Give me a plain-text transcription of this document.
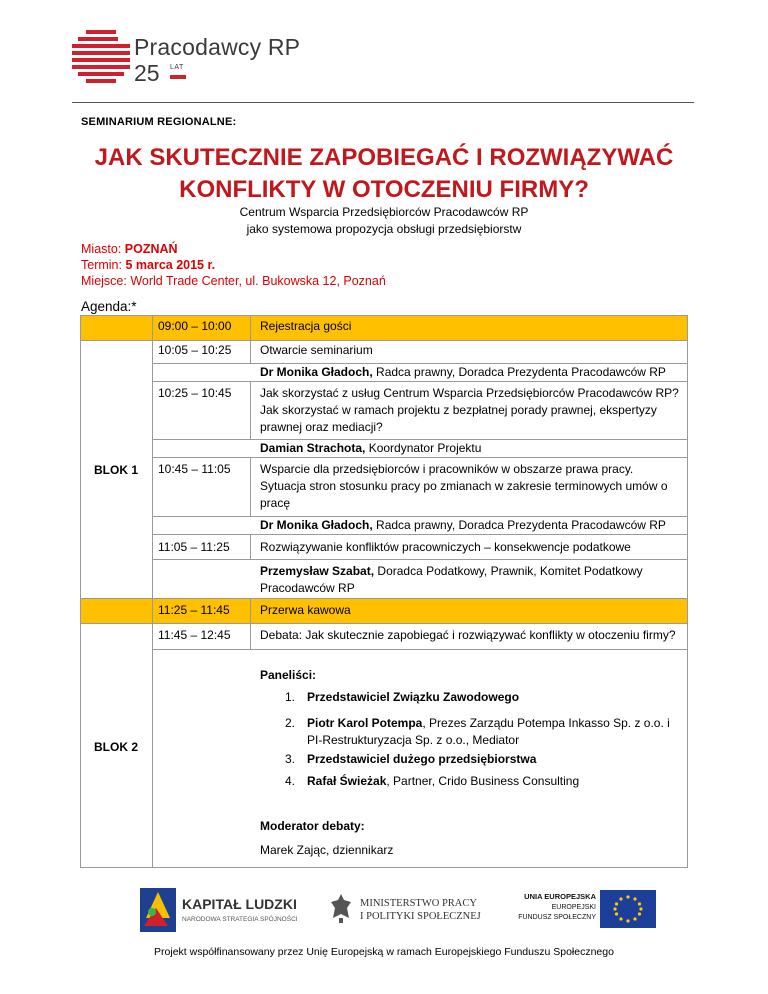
Pracodawcy RP
25 LAT
SEMINARIUM REGIONALNE:
JAK SKUTECZNIE ZAPOBIEGAĆ I ROZWIĄZYWAĆ
KONFLIKTY W OTOCZENIU FIRMY?
Centrum Wsparcia Przedsiębiorców Pracodawców RP
jako systemowa propozycja obsługi przedsiębiorstw
Miasto: POZNAŃ
Termin: 5 marca 2015 r.
Miejsce: World Trade Center, ul. Bukowska 12, Poznań
Agenda:*
BLOK 1
BLOK 2
09:00 – 10:00 Rejestracja gości
10:05 – 10:25 Otwarcie seminarium
Dr Monika Gładoch, Radca prawny, Doradca Prezydenta Pracodawców RP
10:25 – 10:45 Jak skorzystać z usług Centrum Wsparcia Przedsiębiorców Pracodawców RP? Jak skorzystać w ramach projektu z bezpłatnej porady prawnej, ekspertyzy prawnej oraz mediacji?
Damian Strachota, Koordynator Projektu
10:45 – 11:05 Wsparcie dla przedsiębiorców i pracowników w obszarze prawa pracy. Sytuacja stron stosunku pracy po zmianach w zakresie terminowych umów o pracę
Dr Monika Gładoch, Radca prawny, Doradca Prezydenta Pracodawców RP
11:05 – 11:25	Rozwiązywanie konfliktów pracowniczych – konsekwencje podatkowe
Przemysław Szabat, Doradca Podatkowy, Prawnik, Komitet Podatkowy Pracodawców RP
11:25 – 11:45	Przerwa kawowa
11:45 – 12:45 Debata: Jak skutecznie zapobiegać i rozwiązywać konflikty w otoczeniu firmy?
Paneliści:
1. Przedstawiciel Związku Zawodowego
2. Piotr Karol Potempa, Prezes Zarządu Potempa Inkasso Sp. z o.o. i PI-Restrukturyzacja Sp. z o.o., Mediator
3. Przedstawiciel dużego przedsiębiorstwa
4. Rafał Świeżak, Partner, Crido Business Consulting
Moderator debaty:
Marek Zając, dziennikarz
KAPITAŁ LUDZKI
NARODOWA STRATEGIA SPÓJNOŚCI
MINISTERSTWO PRACY
I POLITYKI SPOŁECZNEJ
UNIA EUROPEJSKA
EUROPEJSKI
FUNDUSZ SPOŁECZNY
Projekt współfinansowany przez Unię Europejską w ramach Europejskiego Funduszu Społecznego
